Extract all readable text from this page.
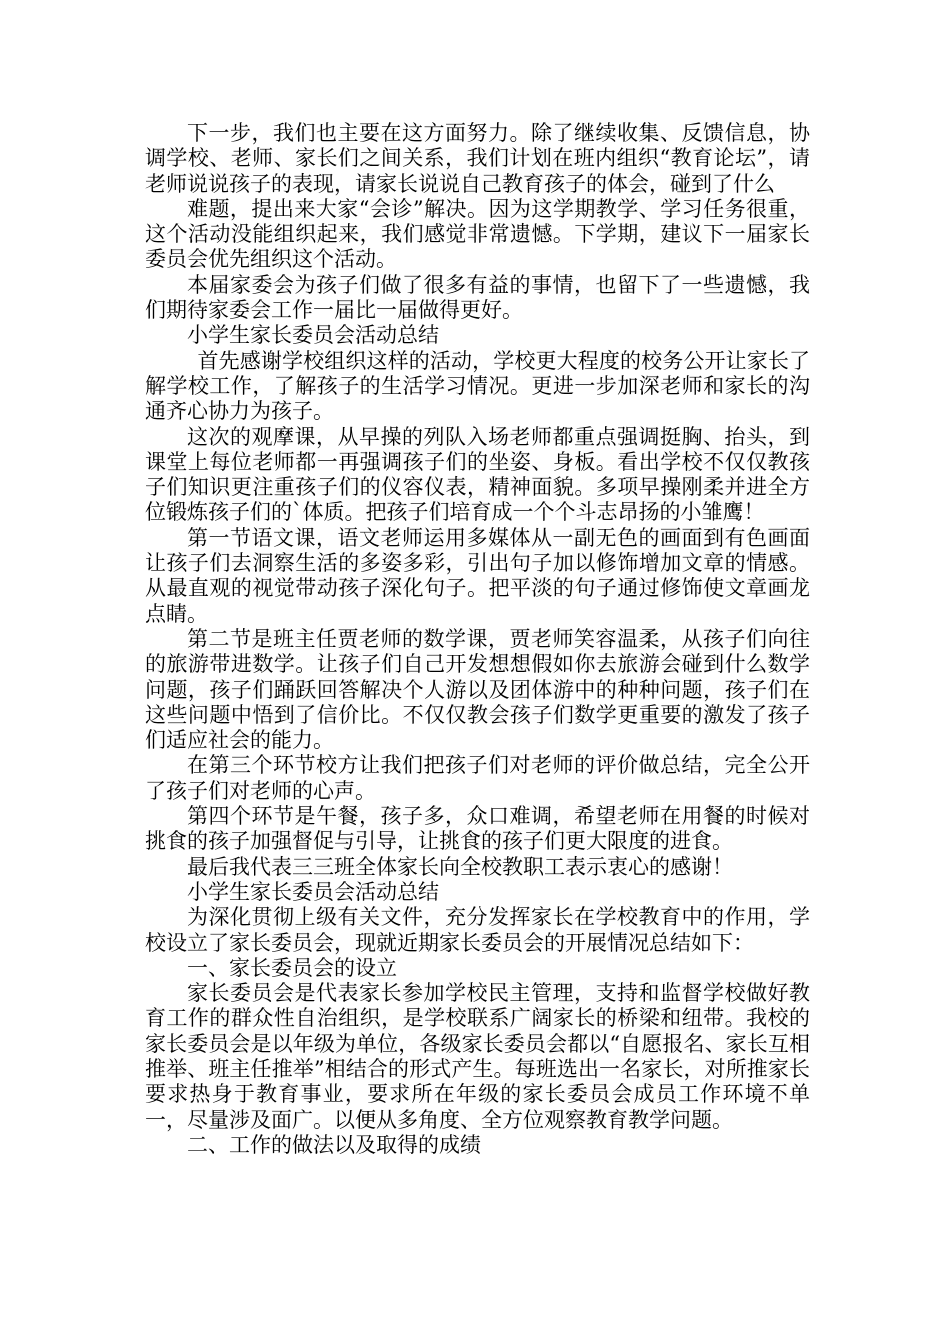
下一步，我们也主要在这方面努力。除了继续收集、反馈信息，协调学校、老师、家长们之间关系，我们计划在班内组织“教育论坛”，请老师说说孩子的表现，请家长说说自己教育孩子的体会，碰到了什么

难题，提出来大家“会诊”解决。因为这学期教学、学习任务很重，这个活动没能组织起来，我们感觉非常遗憾。下学期，建议下一届家长委员会优先组织这个活动。

本届家委会为孩子们做了很多有益的事情，也留下了一些遗憾，我们期待家委会工作一届比一届做得更好。

小学生家长委员会活动总结

首先感谢学校组织这样的活动，学校更大程度的校务公开让家长了解学校工作，了解孩子的生活学习情况。更进一步加深老师和家长的沟通齐心协力为孩子。

这次的观摩课，从早操的列队入场老师都重点强调挺胸、抬头，到课堂上每位老师都一再强调孩子们的坐姿、身板。看出学校不仅仅教孩子们知识更注重孩子们的仪容仪表，精神面貌。多项早操刚柔并进全方位锻炼孩子们的`体质。把孩子们培育成一个个斗志昂扬的小雏鹰！

第一节语文课，语文老师运用多媒体从一副无色的画面到有色画面让孩子们去洞察生活的多姿多彩，引出句子加以修饰增加文章的情感。从最直观的视觉带动孩子深化句子。把平淡的句子通过修饰使文章画龙点睛。

第二节是班主任贾老师的数学课，贾老师笑容温柔，从孩子们向往的旅游带进数学。让孩子们自己开发想想假如你去旅游会碰到什么数学问题，孩子们踊跃回答解决个人游以及团体游中的种种问题，孩子们在这些问题中悟到了信价比。不仅仅教会孩子们数学更重要的激发了孩子们适应社会的能力。

在第三个环节校方让我们把孩子们对老师的评价做总结，完全公开了孩子们对老师的心声。

第四个环节是午餐，孩子多，众口难调，希望老师在用餐的时候对挑食的孩子加强督促与引导，让挑食的孩子们更大限度的进食。

最后我代表三三班全体家长向全校教职工表示衷心的感谢！

小学生家长委员会活动总结

为深化贯彻上级有关文件，充分发挥家长在学校教育中的作用，学校设立了家长委员会，现就近期家长委员会的开展情况总结如下：

一、家长委员会的设立

家长委员会是代表家长参加学校民主管理，支持和监督学校做好教育工作的群众性自治组织，是学校联系广阔家长的桥梁和纽带。我校的家长委员会是以年级为单位，各级家长委员会都以“自愿报名、家长互相推举、班主任推举”相结合的形式产生。每班选出一名家长，对所推家长要求热身于教育事业，要求所在年级的家长委员会成员工作环境不单一，尽量涉及面广。以便从多角度、全方位观察教育教学问题。

二、工作的做法以及取得的成绩
